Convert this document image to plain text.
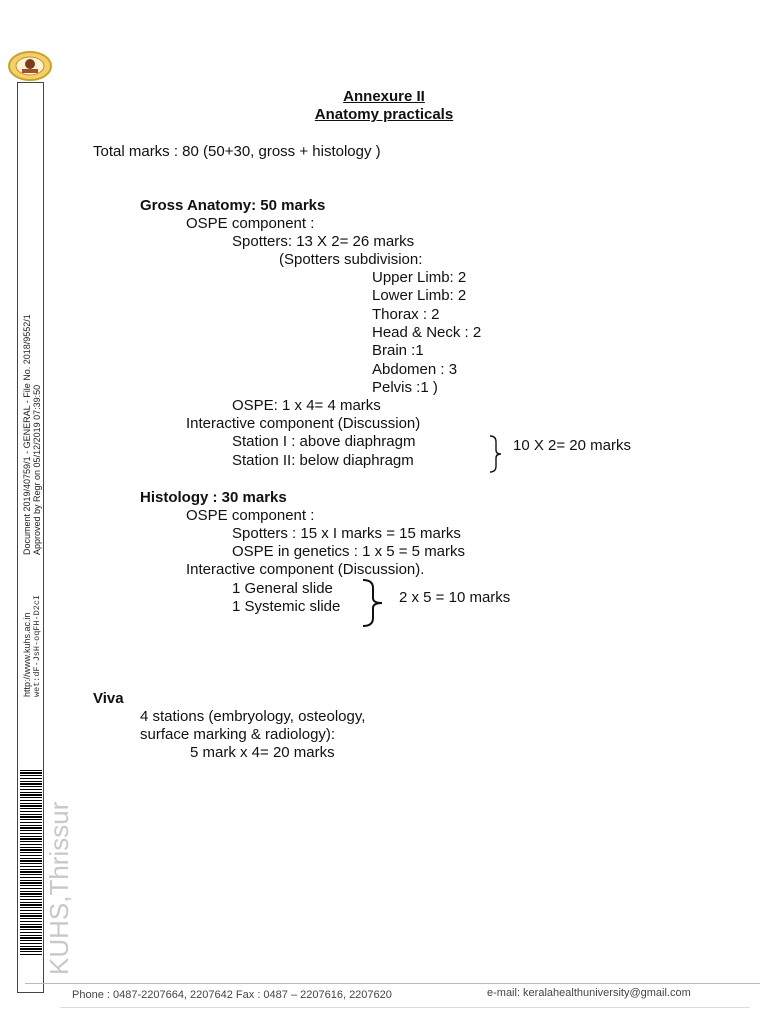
Annexure II
Anatomy practicals
Total marks : 80 (50+30, gross + histology )
Gross Anatomy: 50 marks
OSPE component :
Spotters: 13 X 2= 26 marks
(Spotters subdivision:
Upper Limb: 2
Lower Limb: 2
Thorax : 2
Head & Neck : 2
Brain :1
Abdomen : 3
Pelvis :1 )
OSPE: 1 x 4= 4 marks
Interactive component (Discussion)
Station I : above diaphragm
Station II: below diaphragm
10 X 2= 20 marks
Histology : 30 marks
OSPE component :
Spotters : 15 x I marks = 15 marks
OSPE in genetics : 1 x 5 = 5 marks
Interactive component (Discussion).
1 General slide
1 Systemic slide
2 x 5 = 10 marks
Viva
4 stations (embryology, osteology,
surface marking & radiology):
5 mark x 4= 20 marks
http://www.kuhs.ac.in wet:dF-JsH-oqFH-D2cI
Document 2019/40759/1 - GENERAL - File No. 2018/9552/1 Approved by Regr on 05/12/2019 07:39:50
KUHS,Thrissur
Phone : 0487-2207664, 2207642 Fax : 0487 – 2207616, 2207620	e-mail: keralahealthuniversity@gmail.com
